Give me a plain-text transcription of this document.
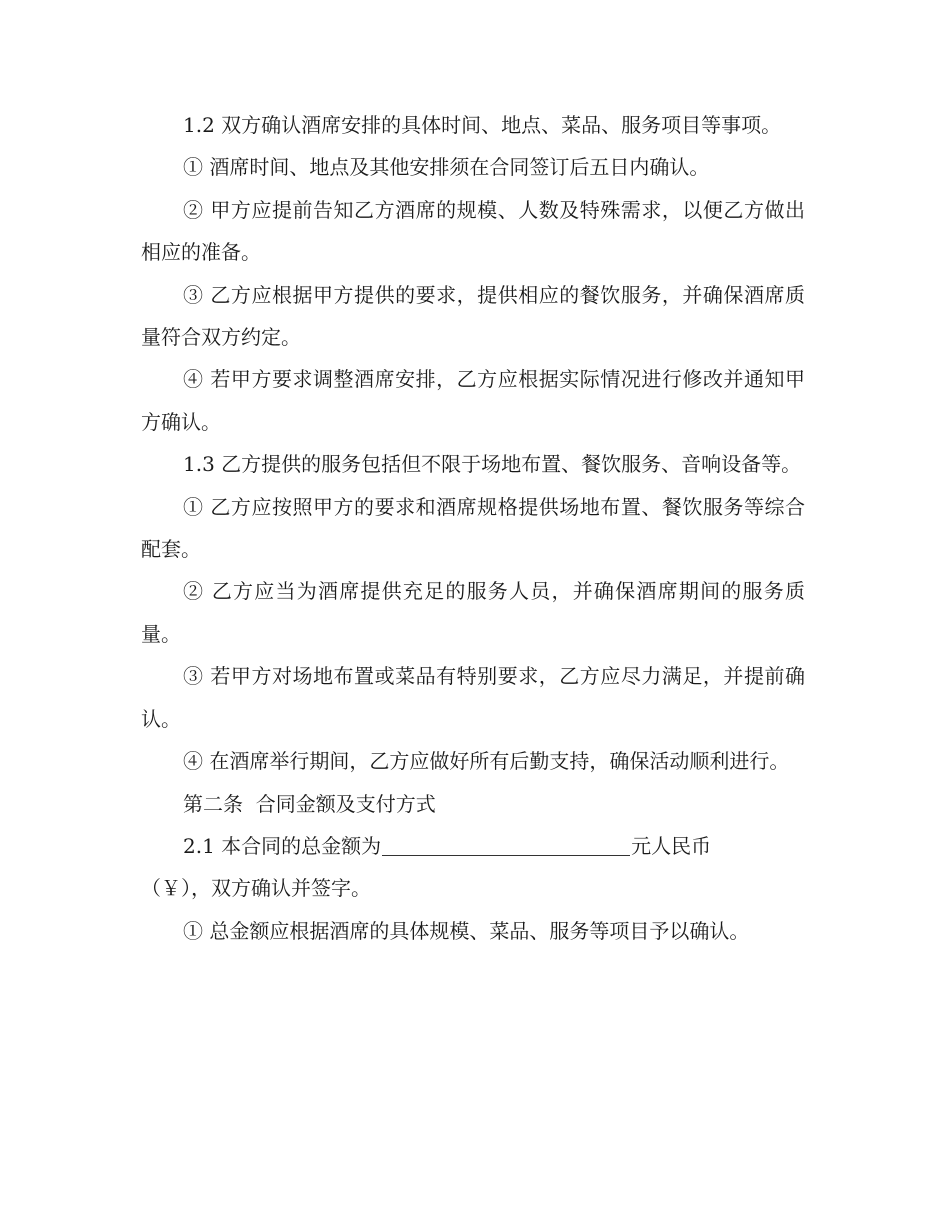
1.2 双方确认酒席安排的具体时间、地点、菜品、服务项目等事项。

① 酒席时间、地点及其他安排须在合同签订后五日内确认。

② 甲方应提前告知乙方酒席的规模、人数及特殊需求，以便乙方做出相应的准备。

③ 乙方应根据甲方提供的要求，提供相应的餐饮服务，并确保酒席质量符合双方约定。

④ 若甲方要求调整酒席安排，乙方应根据实际情况进行修改并通知甲方确认。

1.3 乙方提供的服务包括但不限于场地布置、餐饮服务、音响设备等。

① 乙方应按照甲方的要求和酒席规格提供场地布置、餐饮服务等综合配套。

② 乙方应当为酒席提供充足的服务人员，并确保酒席期间的服务质量。

③ 若甲方对场地布置或菜品有特别要求，乙方应尽力满足，并提前确认。

④ 在酒席举行期间，乙方应做好所有后勤支持，确保活动顺利进行。

第二条  合同金额及支付方式

2.1 本合同的总金额为	元人民币

（￥），双方确认并签字。

① 总金额应根据酒席的具体规模、菜品、服务等项目予以确认。
